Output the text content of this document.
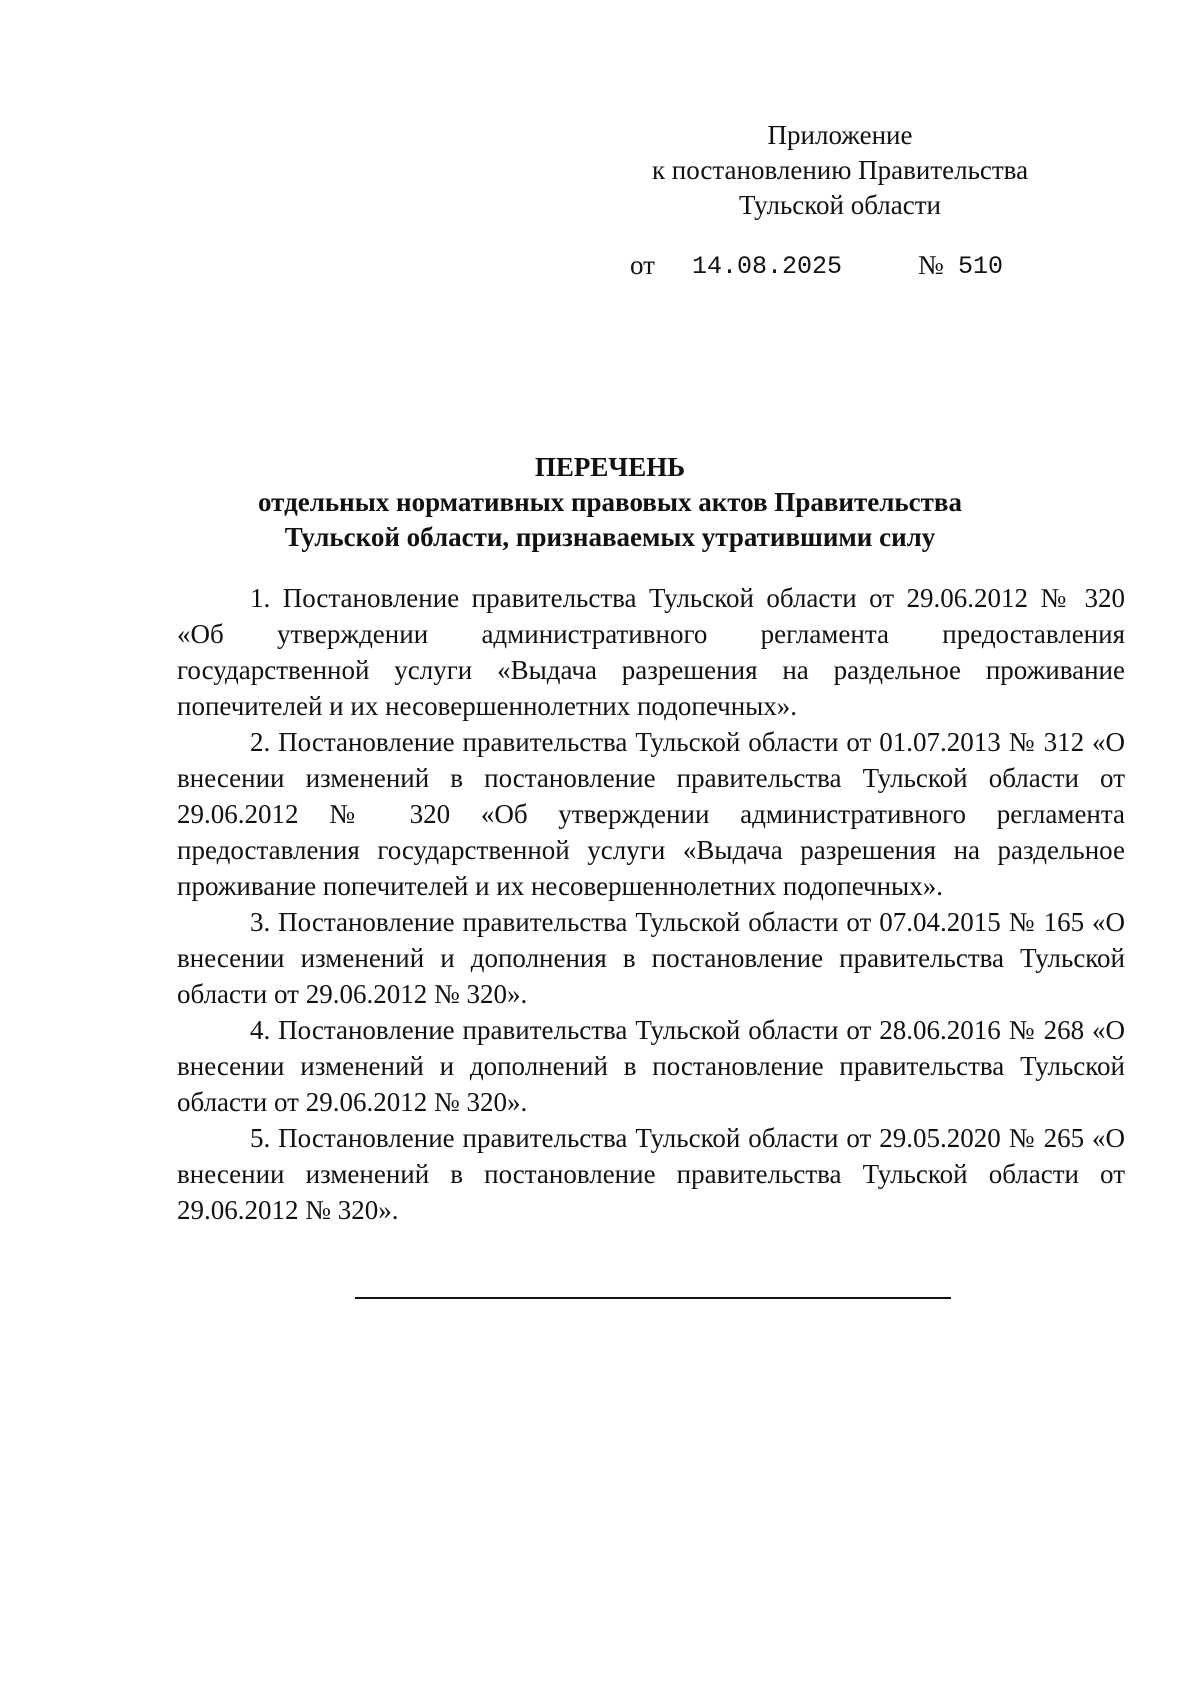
Приложение
к постановлению Правительства
Тульской области
от 14.08.2025	№ 510
ПЕРЕЧЕНЬ
отдельных нормативных правовых актов Правительства
Тульской области, признаваемых утратившими силу

1. Постановление правительства Тульской области от 29.06.2012 № 320 «Об утверждении административного регламента предоставления государственной услуги «Выдача разрешения на раздельное проживание попечителей и их несовершеннолетних подопечных».

2. Постановление правительства Тульской области от 01.07.2013 № 312 «О внесении изменений в постановление правительства Тульской области от 29.06.2012 № 320 «Об утверждении административного регламента предоставления государственной услуги «Выдача разрешения на раздельное проживание попечителей и их несовершеннолетних подопечных».

3. Постановление правительства Тульской области от 07.04.2015 № 165 «О внесении изменений и дополнения в постановление правительства Тульской области от 29.06.2012 № 320».

4. Постановление правительства Тульской области от 28.06.2016 № 268 «О внесении изменений и дополнений в постановление правительства Тульской области от 29.06.2012 № 320».

5. Постановление правительства Тульской области от 29.05.2020 № 265 «О внесении изменений в постановление правительства Тульской области от 29.06.2012 № 320».
